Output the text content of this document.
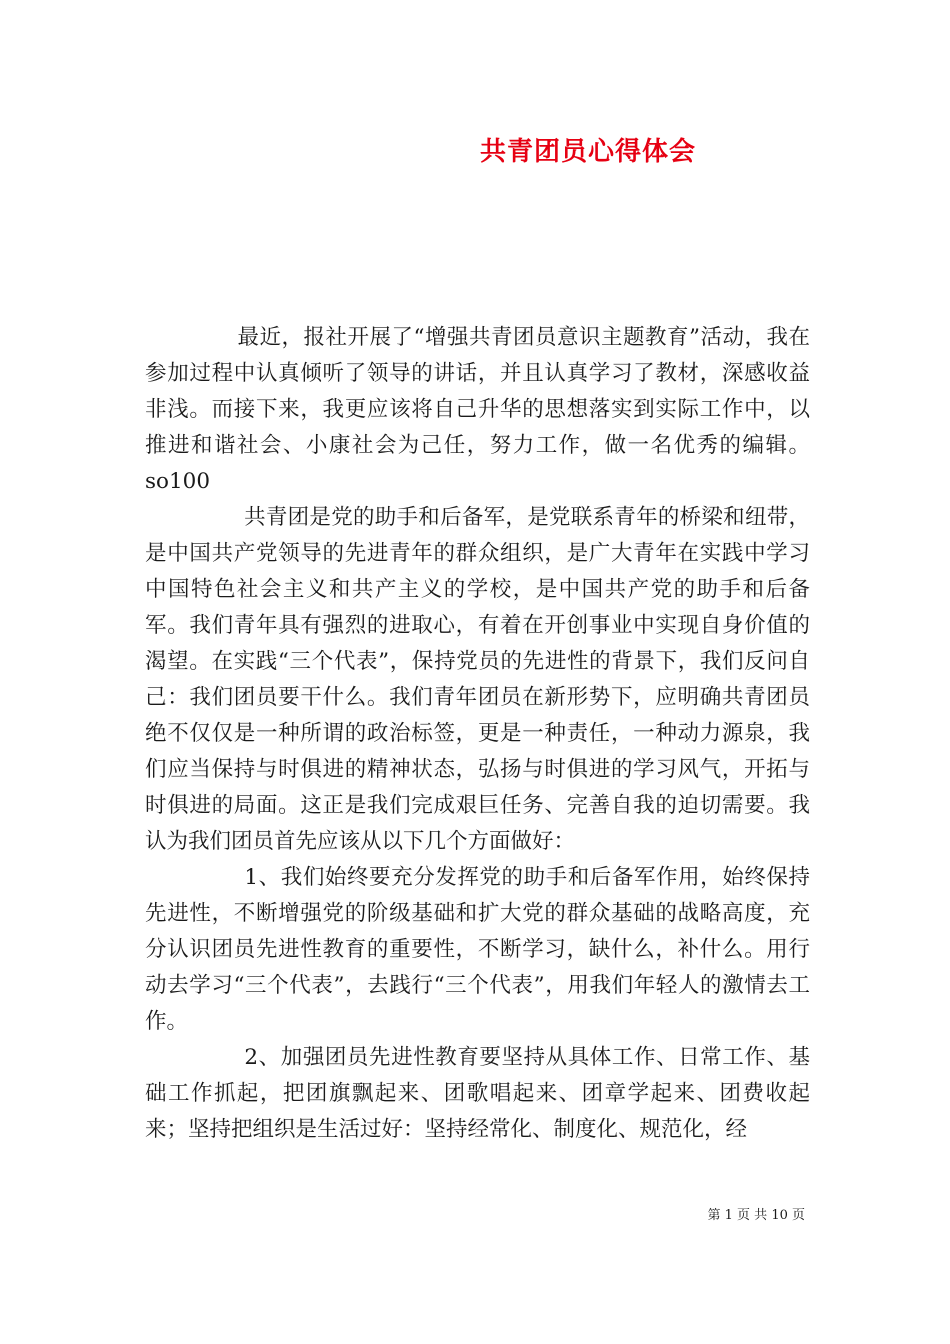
共青团员心得体会

最近，报社开展了“增强共青团员意识主题教育”活动，我在参加过程中认真倾听了领导的讲话，并且认真学习了教材，深感收益非浅。而接下来，我更应该将自己升华的思想落实到实际工作中，以推进和谐社会、小康社会为己任，努力工作，做一名优秀的编辑。so100

共青团是党的助手和后备军，是党联系青年的桥梁和纽带，是中国共产党领导的先进青年的群众组织，是广大青年在实践中学习中国特色社会主义和共产主义的学校，是中国共产党的助手和后备军。我们青年具有强烈的进取心，有着在开创事业中实现自身价值的渴望。在实践“三个代表”，保持党员的先进性的背景下，我们反问自己：我们团员要干什么。我们青年团员在新形势下，应明确共青团员绝不仅仅是一种所谓的政治标签，更是一种责任，一种动力源泉，我们应当保持与时俱进的精神状态，弘扬与时俱进的学习风气，开拓与时俱进的局面。这正是我们完成艰巨任务、完善自我的迫切需要。我认为我们团员首先应该从以下几个方面做好：

1、我们始终要充分发挥党的助手和后备军作用，始终保持先进性，不断增强党的阶级基础和扩大党的群众基础的战略高度，充分认识团员先进性教育的重要性，不断学习，缺什么，补什么。用行动去学习“三个代表”，去践行“三个代表”，用我们年轻人的激情去工作。

2、加强团员先进性教育要坚持从具体工作、日常工作、基础工作抓起，把团旗飘起来、团歌唱起来、团章学起来、团费收起来；坚持把组织是生活过好：坚持经常化、制度化、规范化，经

第 1 页 共 10 页
